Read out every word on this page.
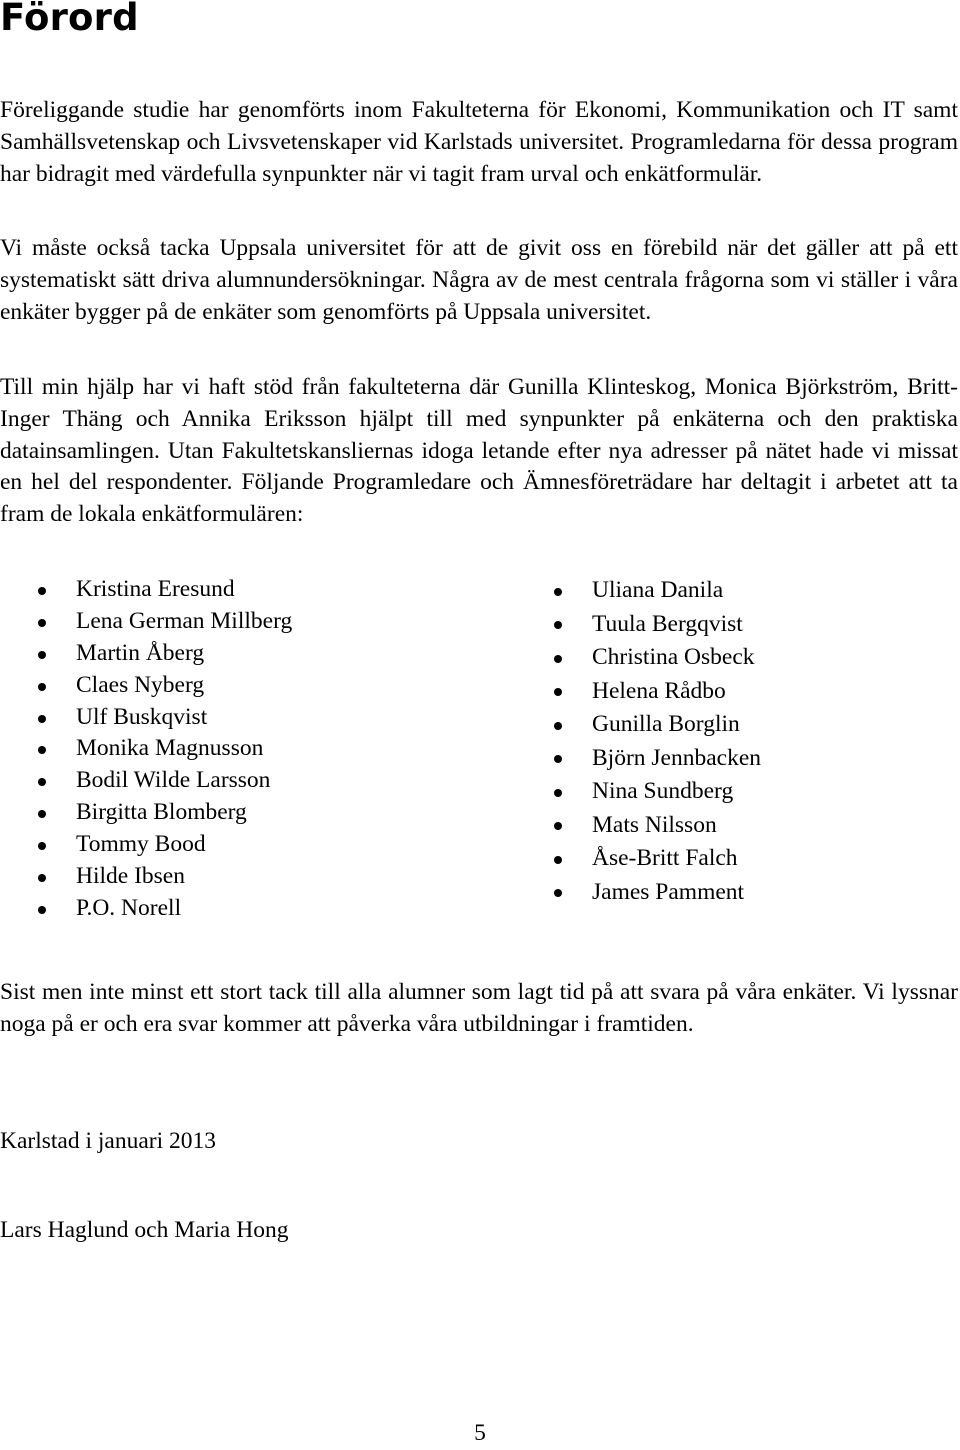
Förord

Föreliggande studie har genomförts inom Fakulteterna för Ekonomi, Kommunikation och IT samt Samhällsvetenskap och Livsvetenskaper vid Karlstads universitet. Programledarna för dessa program har bidragit med värdefulla synpunkter när vi tagit fram urval och enkätformulär.

Vi måste också tacka Uppsala universitet för att de givit oss en förebild när det gäller att på ett systematiskt sätt driva alumnundersökningar. Några av de mest centrala frågorna som vi ställer i våra enkäter bygger på de enkäter som genomförts på Uppsala universitet.

Till min hjälp har vi haft stöd från fakulteterna där Gunilla Klinteskog, Monica Björkström, Britt-Inger Thäng och Annika Eriksson hjälpt till med synpunkter på enkäterna och den praktiska datainsamlingen. Utan Fakultetskansliernas idoga letande efter nya adresser på nätet hade vi missat en hel del respondenter. Följande Programledare och Ämnesföreträdare har deltagit i arbetet att ta fram de lokala enkätformulären:

Kristina Eresund
Lena German Millberg
Martin Åberg
Claes Nyberg
Ulf Buskqvist
Monika Magnusson
Bodil Wilde Larsson
Birgitta Blomberg
Tommy Bood
Hilde Ibsen
P.O. Norell
Uliana Danila
Tuula Bergqvist
Christina Osbeck
Helena Rådbo
Gunilla Borglin
Björn Jennbacken
Nina Sundberg
Mats Nilsson
Åse-Britt Falch
James Pamment

Sist men inte minst ett stort tack till alla alumner som lagt tid på att svara på våra enkäter. Vi lyssnar noga på er och era svar kommer att påverka våra utbildningar i framtiden.

Karlstad i januari 2013

Lars Haglund och Maria Hong

5
